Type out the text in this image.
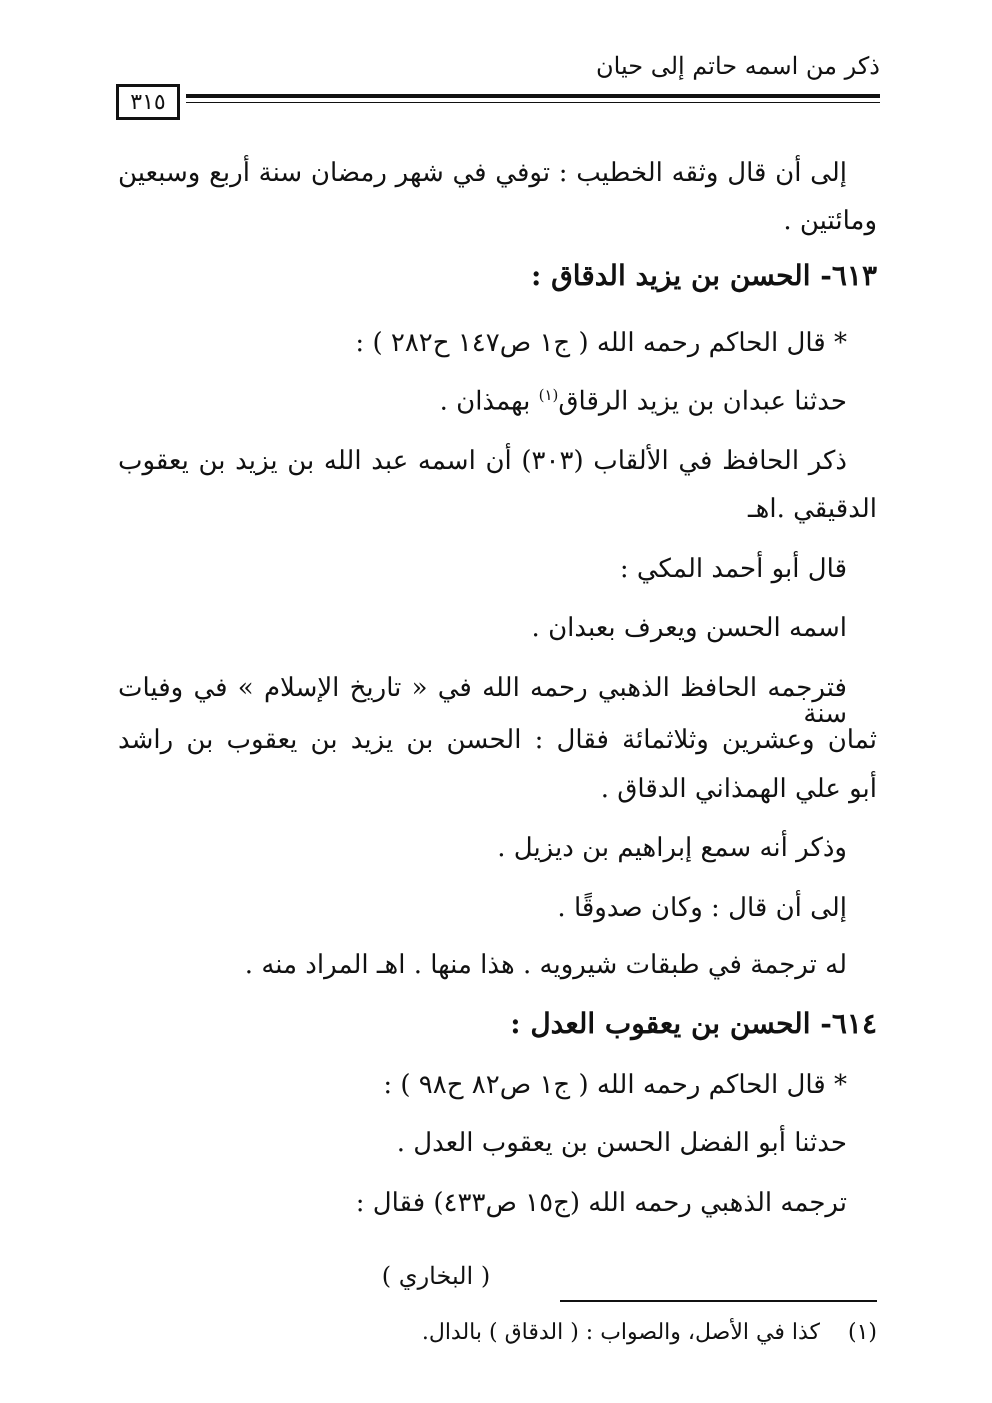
ذكر من اسمه حاتم إلى حيان
٣١٥
إلى أن قال وثقه الخطيب : توفي في شهر رمضان سنة أربع وسبعين
ومائتين .
٦١٣- الحسن بن يزيد الدقاق :
* قال الحاكم رحمه الله ( ج١ ص١٤٧ ح٢٨٢ ) :
حدثنا عبدان بن يزيد الرقاق$^{(١)}$ بهمذان .
ذكر الحافظ في الألقاب (٣٠٣) أن اسمه عبد الله بن يزيد بن يعقوب
الدقيقي .اهـ
قال أبو أحمد المكي :
اسمه الحسن ويعرف بعبدان .
فترجمه الحافظ الذهبي رحمه الله في « تاريخ الإسلام » في وفيات سنة
ثمان وعشرين وثلاثمائة فقال : الحسن بن يزيد بن يعقوب بن راشد
أبو علي الهمذاني الدقاق .
وذكر أنه سمع إبراهيم بن ديزيل .
إلى أن قال : وكان صدوقًا .
له ترجمة في طبقات شيرويه . هذا منها . اهـ المراد منه .
٦١٤- الحسن بن يعقوب العدل :
* قال الحاكم رحمه الله ( ج١ ص٨٢ ح٩٨ ) :
حدثنا أبو الفضل الحسن بن يعقوب العدل .
ترجمه الذهبي رحمه الله (ج١٥ ص٤٣٣) فقال :
( البخاري )
(١)    كذا في الأصل، والصواب : ( الدقاق ) بالدال.
